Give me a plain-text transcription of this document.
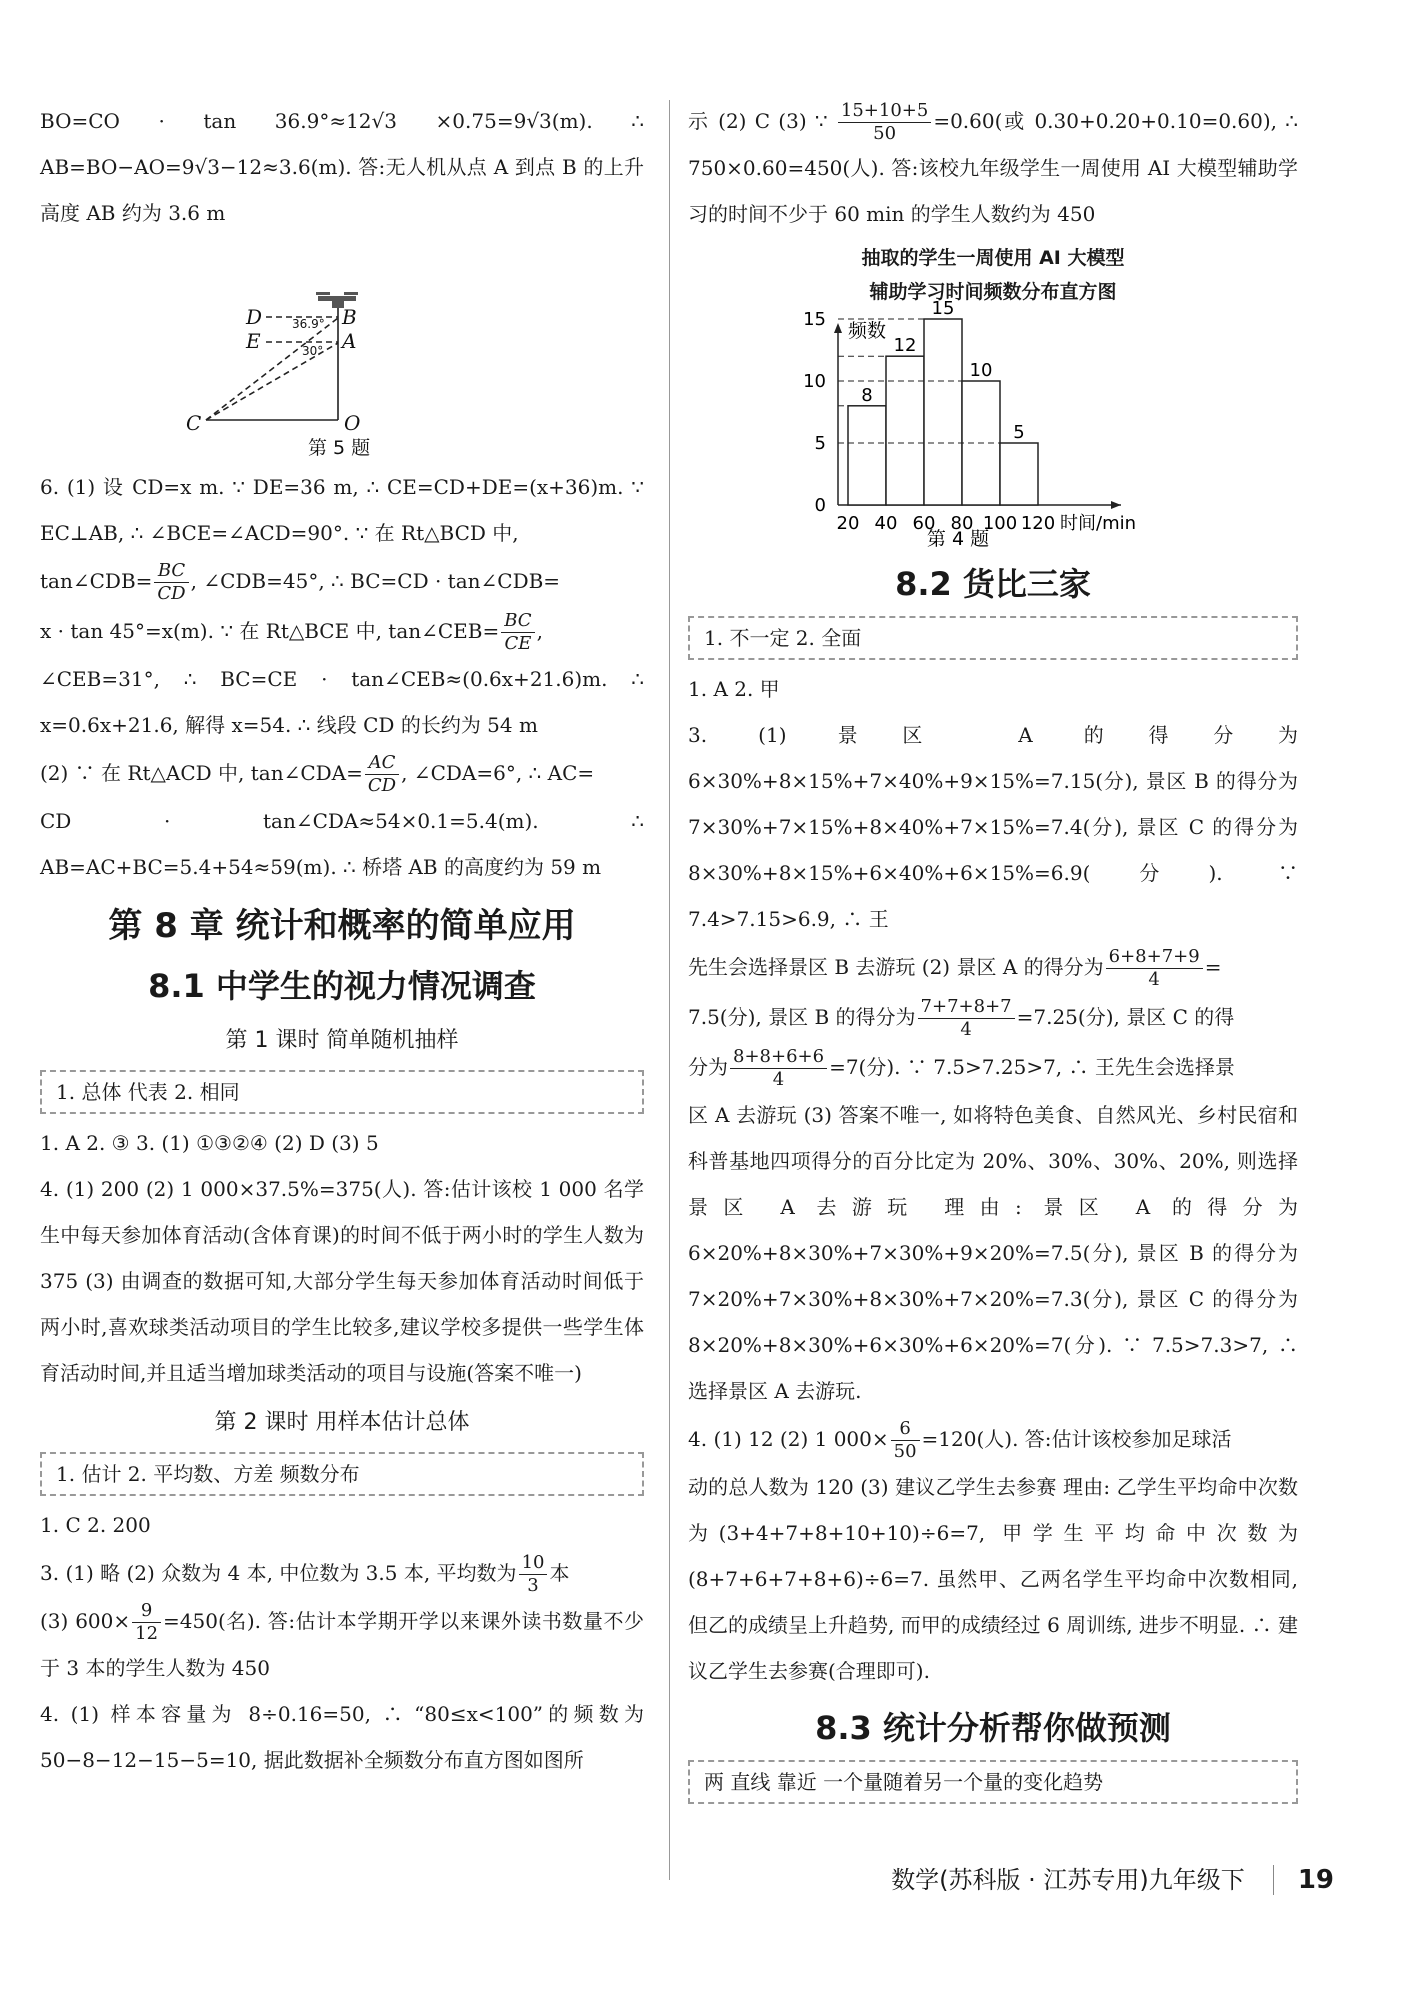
BO=CO · tan 36.9°≈12√3 ×0.75=9√3(m). ∴ AB=BO−AO=9√3−12≈3.6(m). 答:无人机从点 A 到点 B 的上升高度 AB 约为 3.6 m

D
E
B
A
C	O
36.9°
30°
第 5 题

6. (1) 设 CD=x m. ∵ DE=36 m, ∴ CE=CD+DE=(x+36)m. ∵ EC⊥AB, ∴ ∠BCE=∠ACD=90°. ∵ 在 Rt△BCD 中,

tan∠CDB= $\frac{BC}{CD}$ , ∠CDB=45°, ∴ BC=CD · tan∠CDB=

x · tan 45°=x(m). ∵ 在 Rt△BCE 中, tan∠CEB= $\frac{BC}{CE}$ ,

∠CEB=31°, ∴ BC=CE · tan∠CEB≈(0.6x+21.6)m. ∴ x=0.6x+21.6, 解得 x=54. ∴ 线段 CD 的长约为 54 m

(2) ∵ 在 Rt△ACD 中, tan∠CDA= $\frac{AC}{CD}$ , ∠CDA=6°, ∴ AC=

CD · tan∠CDA≈54×0.1=5.4(m). ∴ AB=AC+BC=5.4+54≈59(m). ∴ 桥塔 AB 的高度约为 59 m

第 8 章 统计和概率的简单应用
8.1 中学生的视力情况调查
第 1 课时 简单随机抽样
1. 总体 代表 2. 相同

1. A 2. ③ 3. (1) ①③②④ (2) D (3) 5

4. (1) 200 (2) 1 000×37.5%=375(人). 答:估计该校 1 000 名学生中每天参加体育活动(含体育课)的时间不低于两小时的学生人数为 375 (3) 由调查的数据可知,大部分学生每天参加体育活动时间低于两小时,喜欢球类活动项目的学生比较多,建议学校多提供一些学生体育活动时间,并且适当增加球类活动的项目与设施(答案不唯一)

第 2 课时 用样本估计总体
1. 估计 2. 平均数、方差 频数分布

1. C 2. 200

3. (1) 略 (2) 众数为 4 本, 中位数为 3.5 本, 平均数为 $\frac{10}{3}$ 本

(3) $600\times \frac{9}{12} =450$(名). 答:估计本学期开学以来课外读书数量不少于 3 本的学生人数为 450

4. (1) 样本容量为 8÷0.16=50, ∴ “80≤x<100”的频数为 50−8−12−15−5=10, 据此数据补全频数分布直方图如图所

示 (2) C (3) ∵ $\frac{15+10+5}{50} =0.60$(或 0.30+0.20+0.10=0.60), ∴ 750×0.60=450(人). 答:该校九年级学生一周使用 AI 大模型辅助学习的时间不少于 60 min 的学生人数约为 450

抽取的学生一周使用 AI 大模型
辅助学习时间频数分布直方图
频数
0
5
10
15
8
12
15
10
5
20 40 60 80 100 120 时间/min
第 4 题
8.2 货比三家
1. 不一定 2. 全面

1. A 2. 甲

3. (1) 景区 A 的得分为 6×30%+8×15%+7×40%+9×15%=7.15(分), 景区 B 的得分为 7×30%+7×15%+8×40%+7×15%=7.4(分), 景区 C 的得分为 8×30%+8×15%+6×40%+6×15%=6.9(分). ∵ 7.4>7.15>6.9, ∴ 王

先生会选择景区 B 去游玩 (2) 景区 A 的得分为 $\frac{6+8+7+9}{4}$ =

7.5(分), 景区 B 的得分为 $\frac{7+7+8+7}{4} =7.25$(分), 景区 C 的得

分为 $\frac{8+8+6+6}{4} =7$(分). ∵ 7.5>7.25>7, ∴ 王先生会选择景

区 A 去游玩 (3) 答案不唯一, 如将特色美食、自然风光、乡村民宿和科普基地四项得分的百分比定为 20%、30%、30%、20%, 则选择景区 A 去游玩 理由: 景区 A 的得分为 6×20%+8×30%+7×30%+9×20%=7.5(分), 景区 B 的得分为 7×20%+7×30%+8×30%+7×20%=7.3(分), 景区 C 的得分为 8×20%+8×30%+6×30%+6×20%=7(分). ∵ 7.5>7.3>7, ∴ 选择景区 A 去游玩.

4. (1) 12 (2) 1 $000\times \frac{6}{50} =120$(人). 答:估计该校参加足球活

动的总人数为 120 (3) 建议乙学生去参赛 理由: 乙学生平均命中次数为(3+4+7+8+10+10)÷6=7, 甲学生平均命中次数为(8+7+6+7+8+6)÷6=7. 虽然甲、乙两名学生平均命中次数相同, 但乙的成绩呈上升趋势, 而甲的成绩经过 6 周训练, 进步不明显. ∴ 建议乙学生去参赛(合理即可).

8.3 统计分析帮你做预测
两 直线 靠近 一个量随着另一个量的变化趋势
数学(苏科版 · 江苏专用)九年级下 19
